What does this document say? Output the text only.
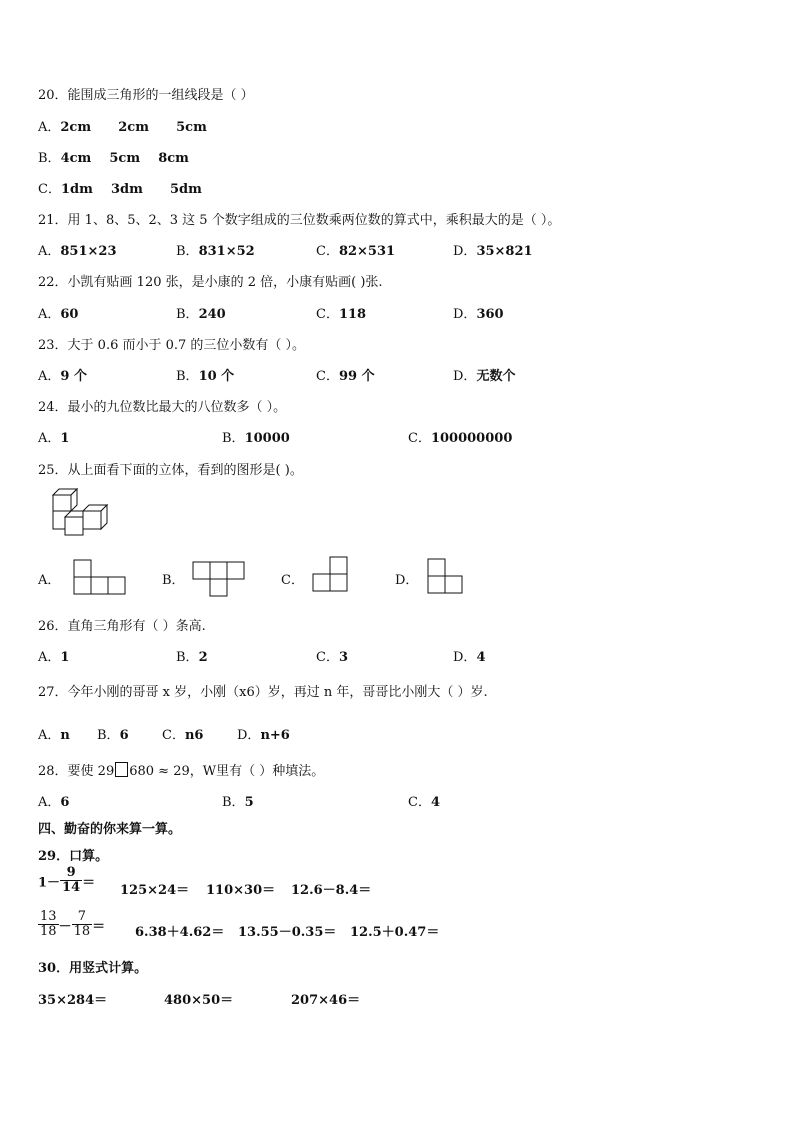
20．能围成三角形的一组线段是（ ）
A．2cm      2cm      5cm
B．4cm    5cm    8cm
C．1dm    3dm      5dm
21．用 1、8、5、2、3 这 5 个数字组成的三位数乘两位数的算式中，乘积最大的是（ ）。
A．851×23	B．831×52	C．82×531	D．35×821
22．小凯有贴画 120 张，是小康的 2 倍，小康有贴画( )张.
A．60	B．240	C．118	D．360
23．大于 0.6 而小于 0.7 的三位小数有（ ）。
A．9 个	B．10 个	C．99 个	D．无数个
24．最小的九位数比最大的八位数多（ ）。
A．1	B．10000	C．100000000
25．从上面看下面的立体，看到的图形是( )。
A．	B．	C．	D．
26．直角三角形有（ ）条高.
A．1	B．2	C．3	D．4
27．今年小刚的哥哥 x 岁，小刚（x6）岁，再过 n 年，哥哥比小刚大（ ）岁.
A．n B．6	C．n6	D．n+6
28．要使 29 680 ≈ 29，W里有（ ）种填法。
A．6	B．5	C．4
四、勤奋的你来算一算。
29．口算。
$1- \frac{9}{14}$ ＝
125×24＝ 110×30＝ 12.6－8.4＝
$\frac{13}{18} - \frac{7}{18} = 6.38+4.62= 13.55-0.35= 12.5+0.47=$
30．用竖式计算。
35×284＝	480×50＝	207×46＝
